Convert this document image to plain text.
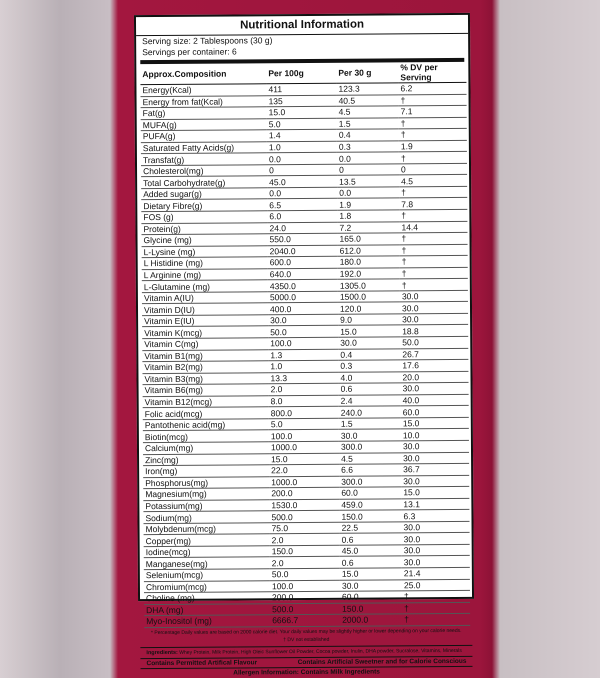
Nutritional Information
Serving size: 2 Tablespoons (30 g)
Servings per container: 6
Approx.Composition	Per 100g	Per 30 g	% DV per Serving
Energy(Kcal)	411	123.3	6.2
Energy from fat(Kcal)	135	40.5	†
Fat(g)	15.0	4.5	7.1
MUFA(g)	5.0	1.5	†
PUFA(g)	1.4	0.4	†
Saturated Fatty Acids(g)	1.0	0.3	1.9
Transfat(g)	0.0	0.0	†
Cholesterol(mg)	0	0	0
Total Carbohydrate(g)	45.0	13.5	4.5
Added sugar(g)	0.0	0.0	†
Dietary Fibre(g)	6.5	1.9	7.8
FOS (g)	6.0	1.8	†
Protein(g)	24.0	7.2	14.4
Glycine (mg)	550.0	165.0	†
L-Lysine (mg)	2040.0	612.0	†
L Histidine (mg)	600.0	180.0	†
L Arginine (mg)	640.0	192.0	†
L-Glutamine (mg)	4350.0	1305.0	†
Vitamin A(IU)	5000.0	1500.0	30.0
Vitamin D(IU)	400.0	120.0	30.0
Vitamin E(IU)	30.0	9.0	30.0
Vitamin K(mcg)	50.0	15.0	18.8
Vitamin C(mg)	100.0	30.0	50.0
Vitamin B1(mg)	1.3	0.4	26.7
Vitamin B2(mg)	1.0	0.3	17.6
Vitamin B3(mg)	13.3	4.0	20.0
Vitamin B6(mg)	2.0	0.6	30.0
Vitamin B12(mcg)	8.0	2.4	40.0
Folic acid(mcg)	800.0	240.0	60.0
Pantothenic acid(mg)	5.0	1.5	15.0
Biotin(mcg)	100.0	30.0	10.0
Calcium(mg)	1000.0	300.0	30.0
Zinc(mg)	15.0	4.5	30.0
Iron(mg)	22.0	6.6	36.7
Phosphorus(mg)	1000.0	300.0	30.0
Magnesium(mg)	200.0	60.0	15.0
Potassium(mg)	1530.0	459.0	13.1
Sodium(mg)	500.0	150.0	6.3
Molybdenum(mcg)	75.0	22.5	30.0
Copper(mg)	2.0	0.6	30.0
Iodine(mcg)	150.0	45.0	30.0
Manganese(mg)	2.0	0.6	30.0
Selenium(mcg)	50.0	15.0	21.4
Chromium(mcg)	100.0	30.0	25.0
Choline (mg)	200.0	60.0	†
DHA (mg)	500.0	150.0	†
Myo-Inositol (mg)	6666.7	2000.0	†
* Percentage Daily values are based on 2000 calorie diet. Your daily values may be slightly higher or lower depending on your calorie needs.
† DV not established
Ingredients: Whey Protein, Milk Protein, High Oleic Sunflower Oil Powder, Cocoa powder, Inulin, DHA powder, Sucralose, Vitamins, Minerals
Contains Permitted Artifical Flavour	Contains Artificial Sweetner and for Calorie Conscious
Allergen Information: Contains Milk Ingredients
